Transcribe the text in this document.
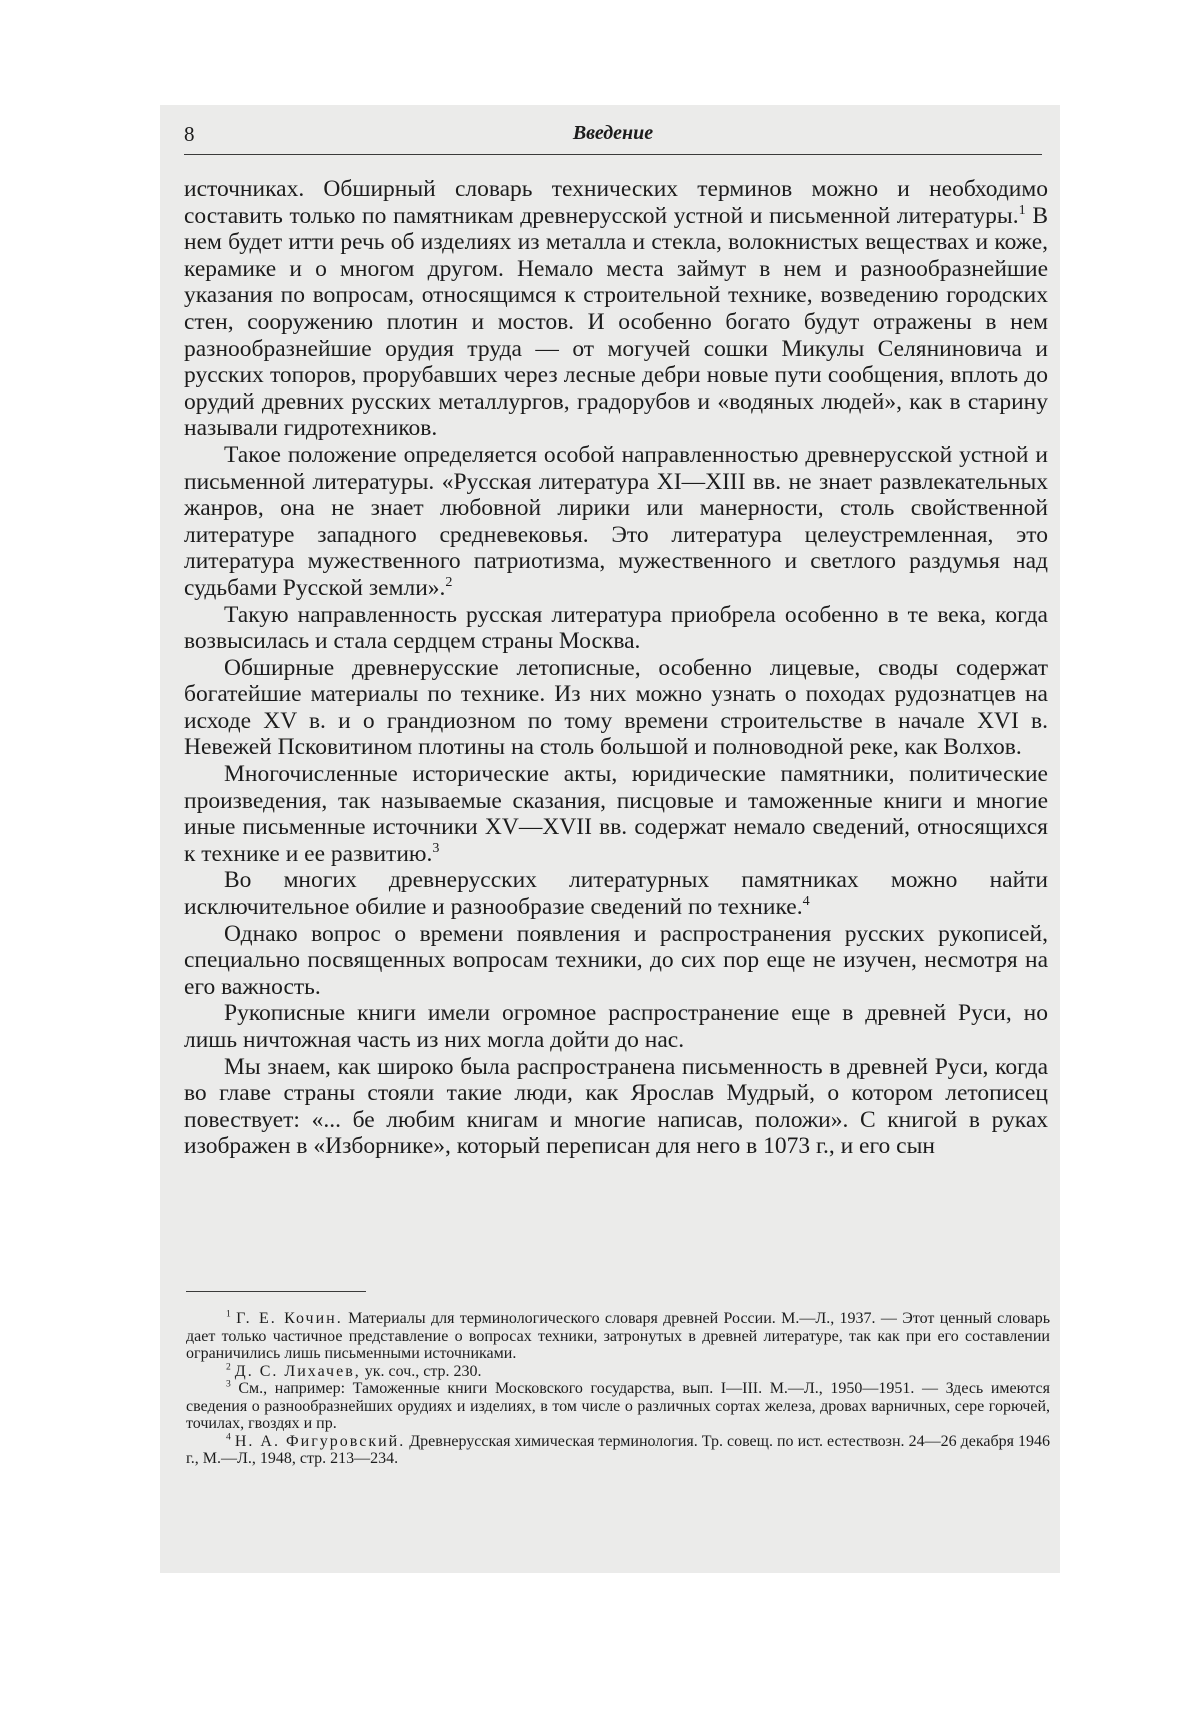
8	Введение

источниках. Обширный словарь технических терминов можно и необходимо составить только по памятникам древнерусской устной и письменной литературы.$^1$ В нем будет итти речь об изделиях из металла и стекла, волокнистых веществах и коже, керамике и о многом другом. Немало места займут в нем и разнообразнейшие указания по вопросам, относящимся к строительной технике, возведению городских стен, сооружению плотин и мостов. И особенно богато будут отражены в нем разнообразнейшие орудия труда — от могучей сошки Микулы Селяниновича и русских топоров, прорубавших через лесные дебри новые пути сообщения, вплоть до орудий древних русских металлургов, градорубов и «водяных людей», как в старину называли гидротехников.

Такое положение определяется особой направленностью древнерусской устной и письменной литературы. «Русская литература XI—XIII вв. не знает развлекательных жанров, она не знает любовной лирики или манерности, столь свойственной литературе западного средневековья. Это литература целеустремленная, это литература мужественного патриотизма, мужественного и светлого раздумья над судьбами Русской земли».$^2$

Такую направленность русская литература приобрела особенно в те века, когда возвысилась и стала сердцем страны Москва.

Обширные древнерусские летописные, особенно лицевые, своды содержат богатейшие материалы по технике. Из них можно узнать о походах рудознатцев на исходе XV в. и о грандиозном по тому времени строительстве в начале XVI в. Невежей Псковитином плотины на столь большой и полноводной реке, как Волхов.

Многочисленные исторические акты, юридические памятники, политические произведения, так называемые сказания, писцовые и таможенные книги и многие иные письменные источники XV—XVII вв. содержат немало сведений, относящихся к технике и ее развитию.$^3$

Во многих древнерусских литературных памятниках можно найти исключительное обилие и разнообразие сведений по технике.$^4$

Однако вопрос о времени появления и распространения русских рукописей, специально посвященных вопросам техники, до сих пор еще не изучен, несмотря на его важность.

Рукописные книги имели огромное распространение еще в древней Руси, но лишь ничтожная часть из них могла дойти до нас.

Мы знаем, как широко была распространена письменность в древней Руси, когда во главе страны стояли такие люди, как Ярослав Мудрый, о котором летописец повествует: «... бе любим книгам и многие написав, положи». С книгой в руках изображен в «Изборнике», который переписан для него в 1073 г., и его сын

$^1$ Г. Е. Кочин. Материалы для терминологического словаря древней России. М.—Л., 1937. — Этот ценный словарь дает только частичное представление о вопросах техники, затронутых в древней литературе, так как при его составлении ограничились лишь письменными источниками.

$^2$ Д. С. Лихачев, ук. соч., стр. 230.

$^3$ См., например: Таможенные книги Московского государства, вып. I—III. М.—Л., 1950—1951. — Здесь имеются сведения о разнообразнейших орудиях и изделиях, в том числе о различных сортах железа, дровах варничных, сере горючей, точилах, гвоздях и пр.

$^4$ Н. А. Фигуровский. Древнерусская химическая терминология. Тр. совещ. по ист. естествозн. 24—26 декабря 1946 г., М.—Л., 1948, стр. 213—234.
